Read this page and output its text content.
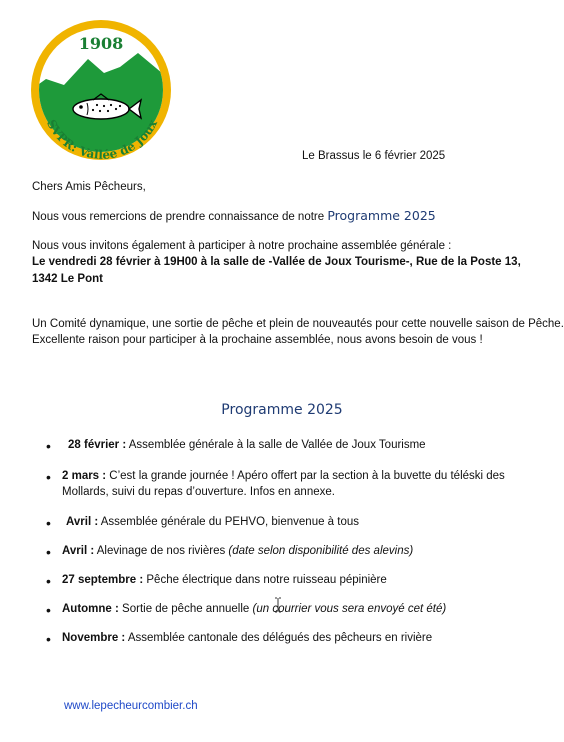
1908
SVPR: Vallée de Joux
Le Brassus le 6 février 2025
Chers Amis Pêcheurs,
Nous vous remercions de prendre connaissance de notre Programme 2025
Nous vous invitons également à participer à notre prochaine assemblée générale :
Le vendredi 28 février à 19H00 à la salle de -Vallée de Joux Tourisme-, Rue de la Poste 13,
1342 Le Pont
Un Comité dynamique, une sortie de pêche et plein de nouveautés pour cette nouvelle saison de Pêche.
Excellente raison pour participer à la prochaine assemblée, nous avons besoin de vous !
Programme 2025
• 28 février : Assemblée générale à la salle de Vallée de Joux Tourisme
• 2 mars : C’est la grande journée ! Apéro offert par la section à la buvette du téléski des Mollards, suivi du repas d’ouverture. Infos en annexe.
• Avril : Assemblée générale du PEHVO, bienvenue à tous
• Avril : Alevinage de nos rivières (date selon disponibilité des alevins)
• 27 septembre : Pêche électrique dans notre ruisseau pépinière
• Automne : Sortie de pêche annuelle (un courrier vous sera envoyé cet été)
• Novembre : Assemblée cantonale des délégués des pêcheurs en rivière
www.lepecheurcombier.ch
